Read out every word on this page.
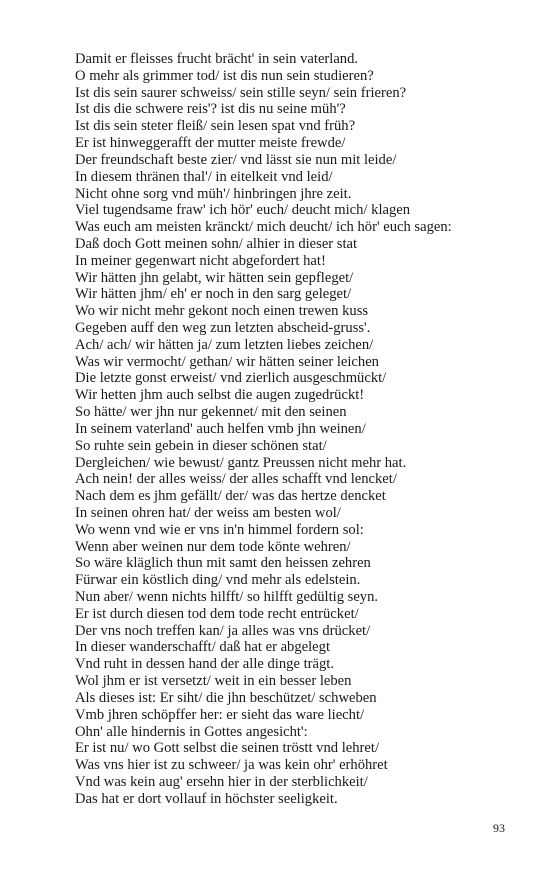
Damit er fleisses frucht brächt' in sein vaterland.
O mehr als grimmer tod/ ist dis nun sein studieren?
Ist dis sein saurer schweiss/ sein stille seyn/ sein frieren?
Ist dis die schwere reis'? ist dis nu seine müh'?
Ist dis sein steter fleiß/ sein lesen spat vnd früh?
Er ist hinweggerafft der mutter meiste frewde/
Der freundschaft beste zier/ vnd lässt sie nun mit leide/
In diesem thränen thal'/ in eitelkeit vnd leid/
Nicht ohne sorg vnd müh'/ hinbringen jhre zeit.
Viel tugendsame fraw' ich hör' euch/ deucht mich/ klagen
Was euch am meisten kränckt/ mich deucht/ ich hör' euch sagen:
Daß doch Gott meinen sohn/ alhier in dieser stat
In meiner gegenwart nicht abgefordert hat!
Wir hätten jhn gelabt, wir hätten sein gepfleget/
Wir hätten jhm/ eh' er noch in den sarg geleget/
Wo wir nicht mehr gekont noch einen trewen kuss
Gegeben auff den weg zun letzten abscheid-gruss'.
Ach/ ach/ wir hätten ja/ zum letzten liebes zeichen/
Was wir vermocht/ gethan/ wir hätten seiner leichen
Die letzte gonst erweist/ vnd zierlich ausgeschmückt/
Wir hetten jhm auch selbst die augen zugedrückt!
So hätte/ wer jhn nur gekennet/ mit den seinen
In seinem vaterland' auch helfen vmb jhn weinen/
So ruhte sein gebein in dieser schönen stat/
Dergleichen/ wie bewust/ gantz Preussen nicht mehr hat.
Ach nein! der alles weiss/ der alles schafft vnd lencket/
Nach dem es jhm gefällt/ der/ was das hertze dencket
In seinen ohren hat/ der weiss am besten wol/
Wo wenn vnd wie er vns in'n himmel fordern sol:
Wenn aber weinen nur dem tode könte wehren/
So wäre kläglich thun mit samt den heissen zehren
Fürwar ein köstlich ding/ vnd mehr als edelstein.
Nun aber/ wenn nichts hilfft/ so hilfft gedültig seyn.
Er ist durch diesen tod dem tode recht entrücket/
Der vns noch treffen kan/ ja alles was vns drücket/
In dieser wanderschafft/ daß hat er abgelegt
Vnd ruht in dessen hand der alle dinge trägt.
Wol jhm er ist versetzt/ weit in ein besser leben
Als dieses ist: Er siht/ die jhn beschützet/ schweben
Vmb jhren schöpffer her: er sieht das ware liecht/
Ohn' alle hindernis in Gottes angesicht':
Er ist nu/ wo Gott selbst die seinen tröstt vnd lehret/
Was vns hier ist zu schweer/ ja was kein ohr' erhöhret
Vnd was kein aug' ersehn hier in der sterblichkeit/
Das hat er dort vollauf in höchster seeligkeit.
93
